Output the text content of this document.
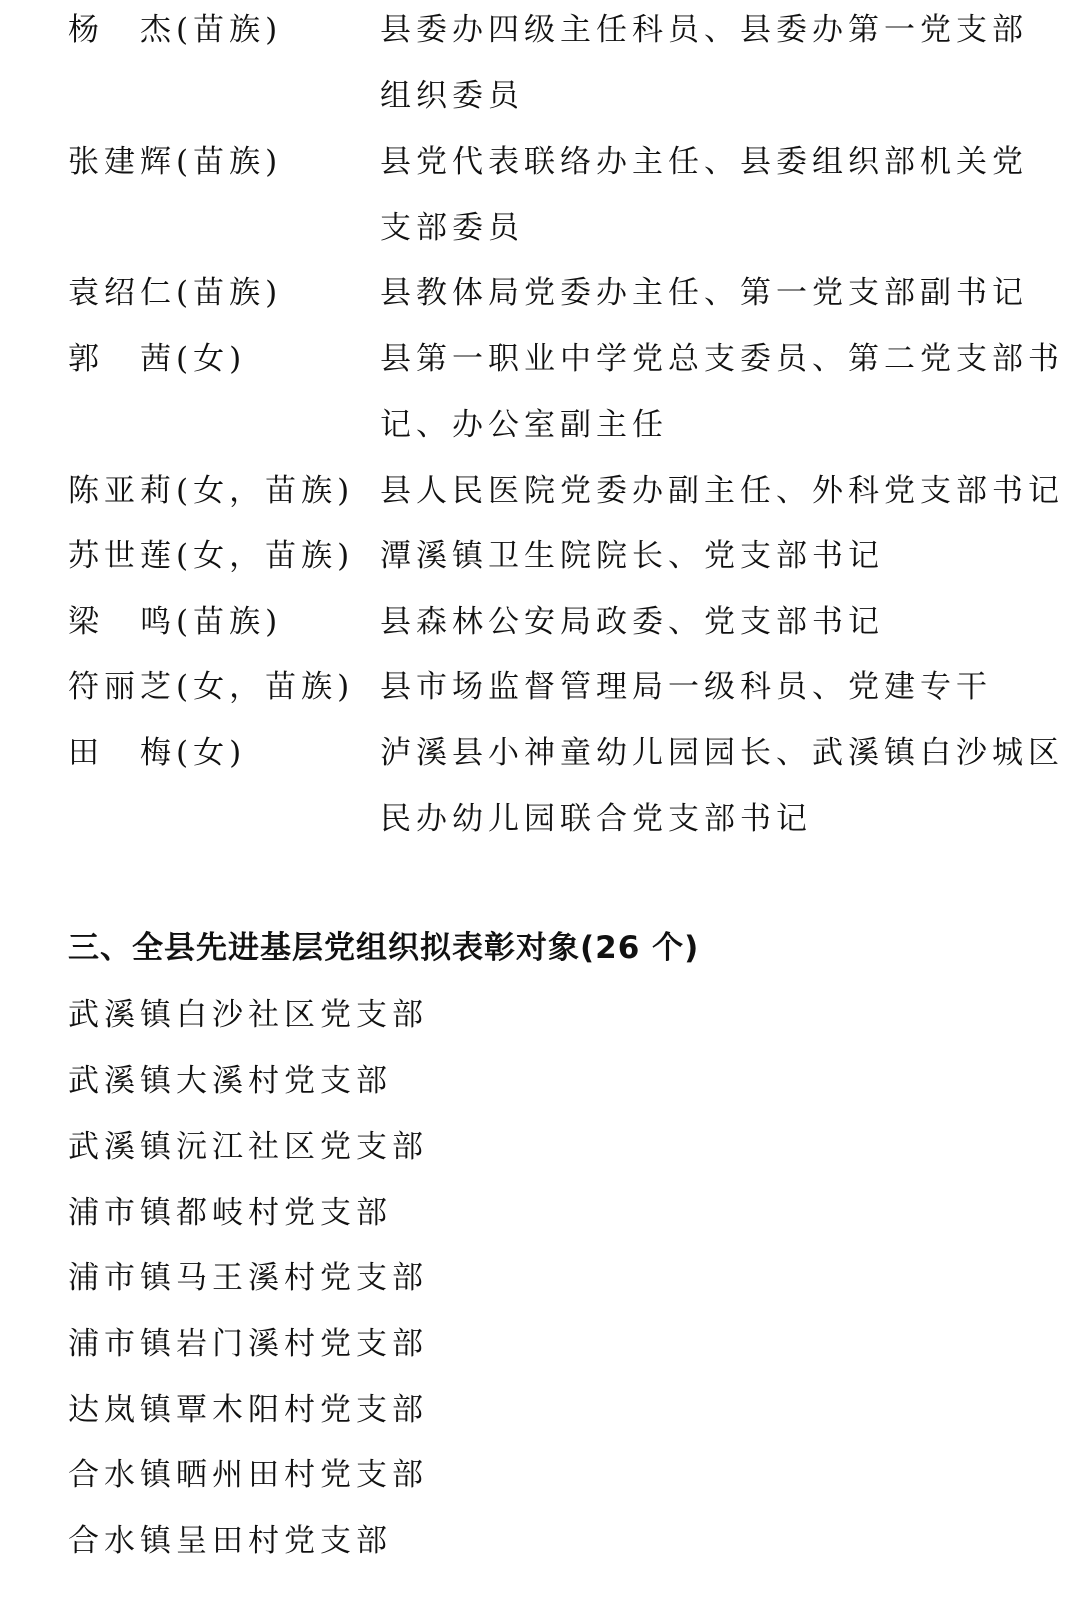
杨　杰(苗族)	县委办四级主任科员、县委办第一党支部
组织委员
张建辉(苗族)	县党代表联络办主任、县委组织部机关党
支部委员
袁绍仁(苗族)	县教体局党委办主任、第一党支部副书记
郭　茜(女)	县第一职业中学党总支委员、第二党支部书
记、办公室副主任
陈亚莉(女，苗族) 县人民医院党委办副主任、外科党支部书记
苏世莲(女，苗族) 潭溪镇卫生院院长、党支部书记
梁　鸣(苗族)	县森林公安局政委、党支部书记
符丽芝(女，苗族) 县市场监督管理局一级科员、党建专干
田　梅(女)	泸溪县小神童幼儿园园长、武溪镇白沙城区
民办幼儿园联合党支部书记
三、全县先进基层党组织拟表彰对象(26 个)
武溪镇白沙社区党支部
武溪镇大溪村党支部
武溪镇沅江社区党支部
浦市镇都岐村党支部
浦市镇马王溪村党支部
浦市镇岩门溪村党支部
达岚镇覃木阳村党支部
合水镇晒州田村党支部
合水镇呈田村党支部
